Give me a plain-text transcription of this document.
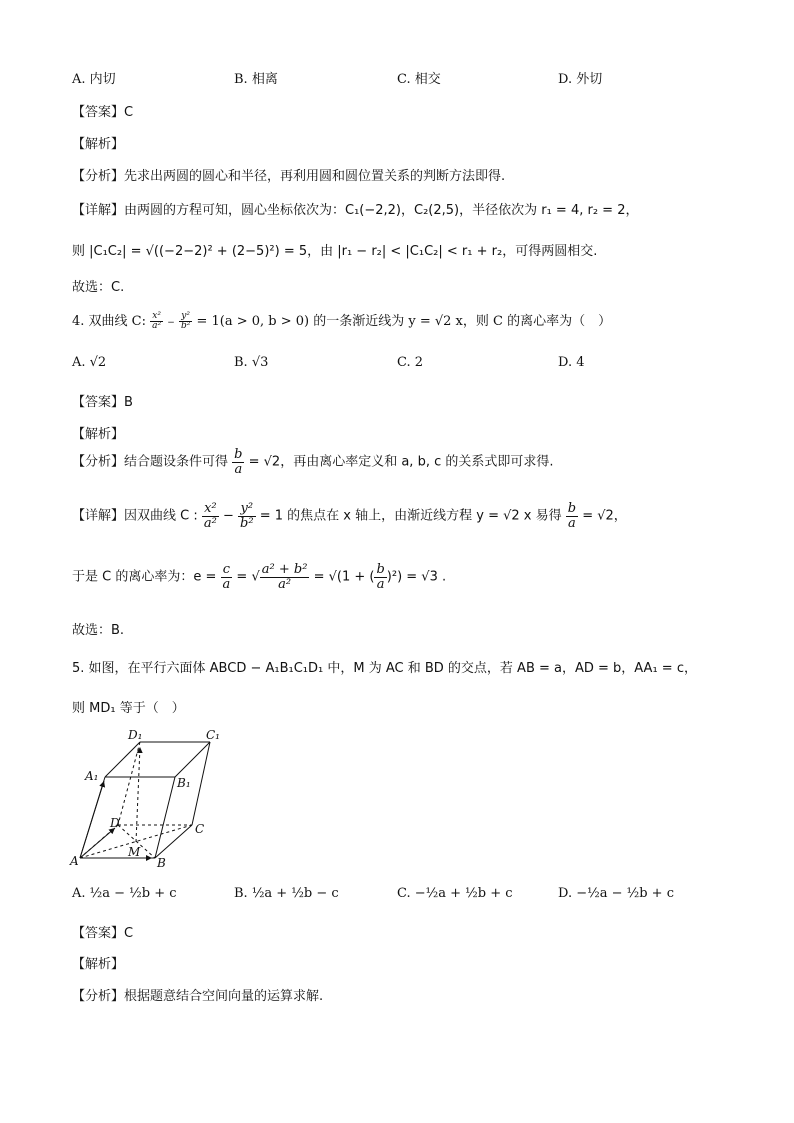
A. 内切	B. 相离	C. 相交	D. 外切
【答案】C
【解析】
【分析】先求出两圆的圆心和半径，再利用圆和圆位置关系的判断方法即得.
【详解】由两圆的方程可知，圆心坐标依次为：C₁(−2,2)，C₂(2,5)，半径依次为 r₁ = 4, r₂ = 2，
则 |C₁C₂| = √((−2−2)² + (2−5)²) = 5，由 |r₁ − r₂| < |C₁C₂| < r₁ + r₂，可得两圆相交.
故选：C.
4. 双曲线 C: $\frac{\text{x²}}{\text{a²}} - \frac{\text{y²}}{\text{b²}} = 1(a > 0$, b > 0) 的一条渐近线为 y = √2 x，则 C 的离心率为（　）
A. √2	B. √3	C. 2	D. 4
【答案】B
【解析】
【分析】结合题设条件可得 $\frac{b}{a} = √2$，再由离心率定义和 a, b, c 的关系式即可求得.
【详解】因双曲线 C : $\frac{\text{x²}}{\text{a²}} - \frac{\text{y²}}{\text{b²}} = 1$ 的焦点在 x 轴上，由渐近线方程 y = √2 x 易得 $\frac{b}{a} = √2$，
于是 C 的离心率为：$e = \frac{c}{a}$ = √ $\frac{\text{a² + b²}}{\text{a²}} = √(1$ + ( $\frac{b}{a} )^2) = √3$ .
故选：B.
5. 如图，在平行六面体 ABCD − A₁B₁C₁D₁ 中，M 为 AC 和 BD 的交点，若 AB = a，AD = b，AA₁ = c，
则 MD₁ 等于（　）
D₁	C₁
A₁	B₁
D	C
M
A	B
A. ½a − ½b + c	B. ½a + ½b − c	C. −½a + ½b + c	D. −½a − ½b + c
【答案】C
【解析】
【分析】根据题意结合空间向量的运算求解.
